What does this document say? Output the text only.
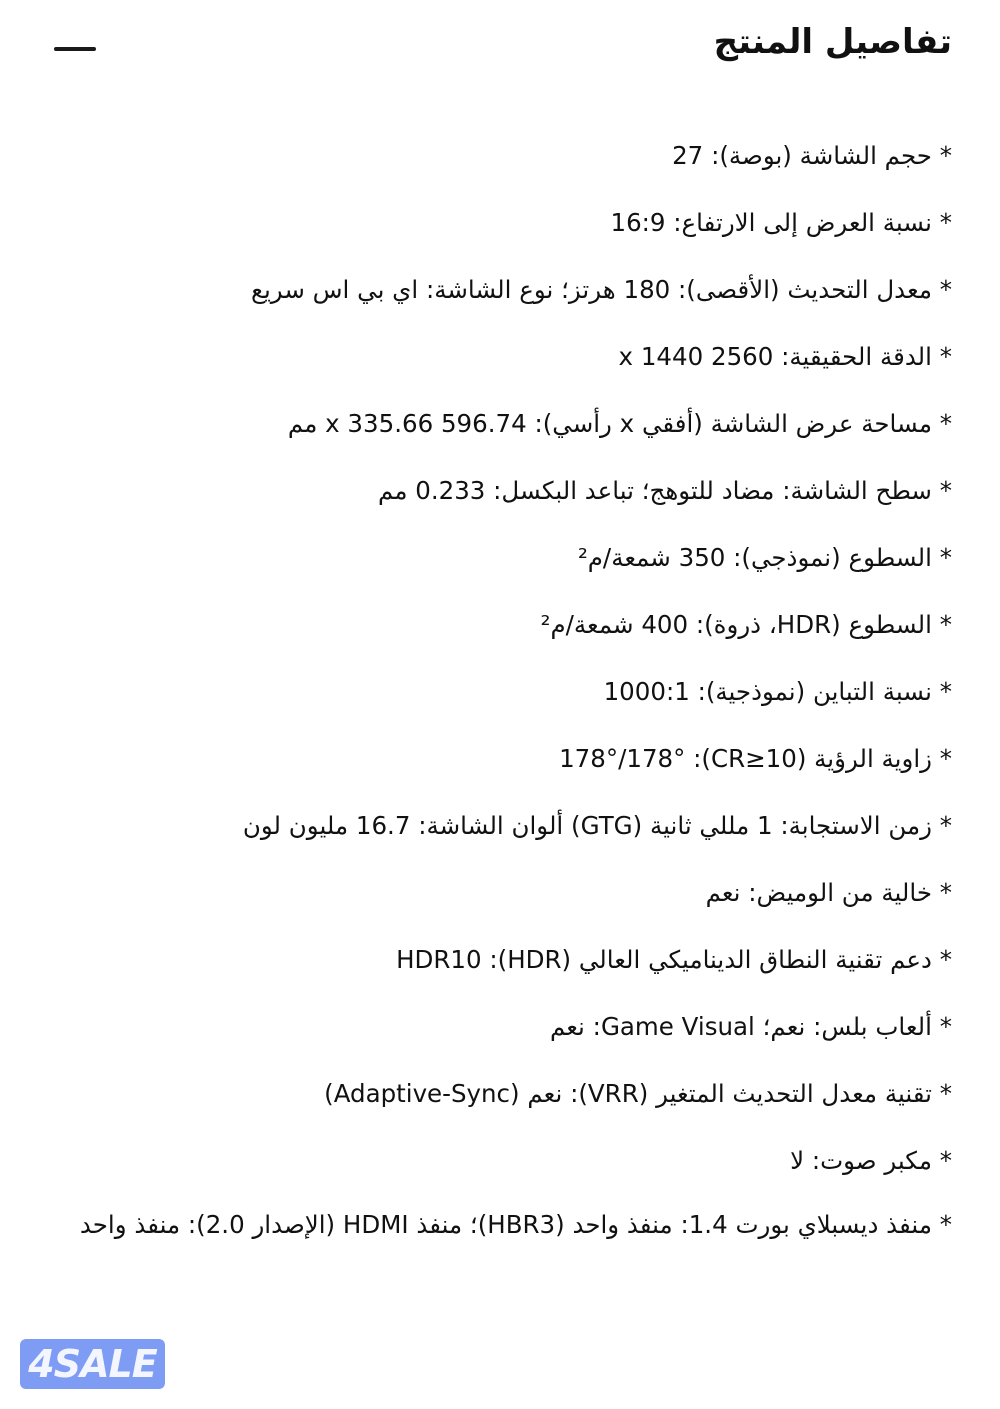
تفاصيل المنتج
* حجم الشاشة (بوصة): 27
* نسبة العرض إلى الارتفاع: 16:9
* معدل التحديث (الأقصى): 180 هرتز؛ نوع الشاشة: اي بي اس سريع
* الدقة الحقيقية: 2560 x 1440
* مساحة عرض الشاشة (أفقي x رأسي): 596.74 x 335.66 مم
* سطح الشاشة: مضاد للتوهج؛ تباعد البكسل: 0.233 مم
* السطوع (نموذجي): 350 شمعة/م²
* السطوع (HDR، ذروة): 400 شمعة/م²
* نسبة التباين (نموذجية): 1000:1
* زاوية الرؤية (CR≥10): 178°/178°
* زمن الاستجابة: 1 مللي ثانية (GTG) ألوان الشاشة: 16.7 مليون لون
* خالية من الوميض: نعم
* دعم تقنية النطاق الديناميكي العالي (HDR): HDR10
* ألعاب بلس: نعم؛ Game Visual: نعم
* تقنية معدل التحديث المتغير (VRR): نعم (Adaptive-Sync)
* مكبر صوت: لا
* منفذ ديسبلاي بورت 1.4: منفذ واحد (HBR3)؛ منفذ HDMI (الإصدار 2.0): منفذ واحد
4SALE
